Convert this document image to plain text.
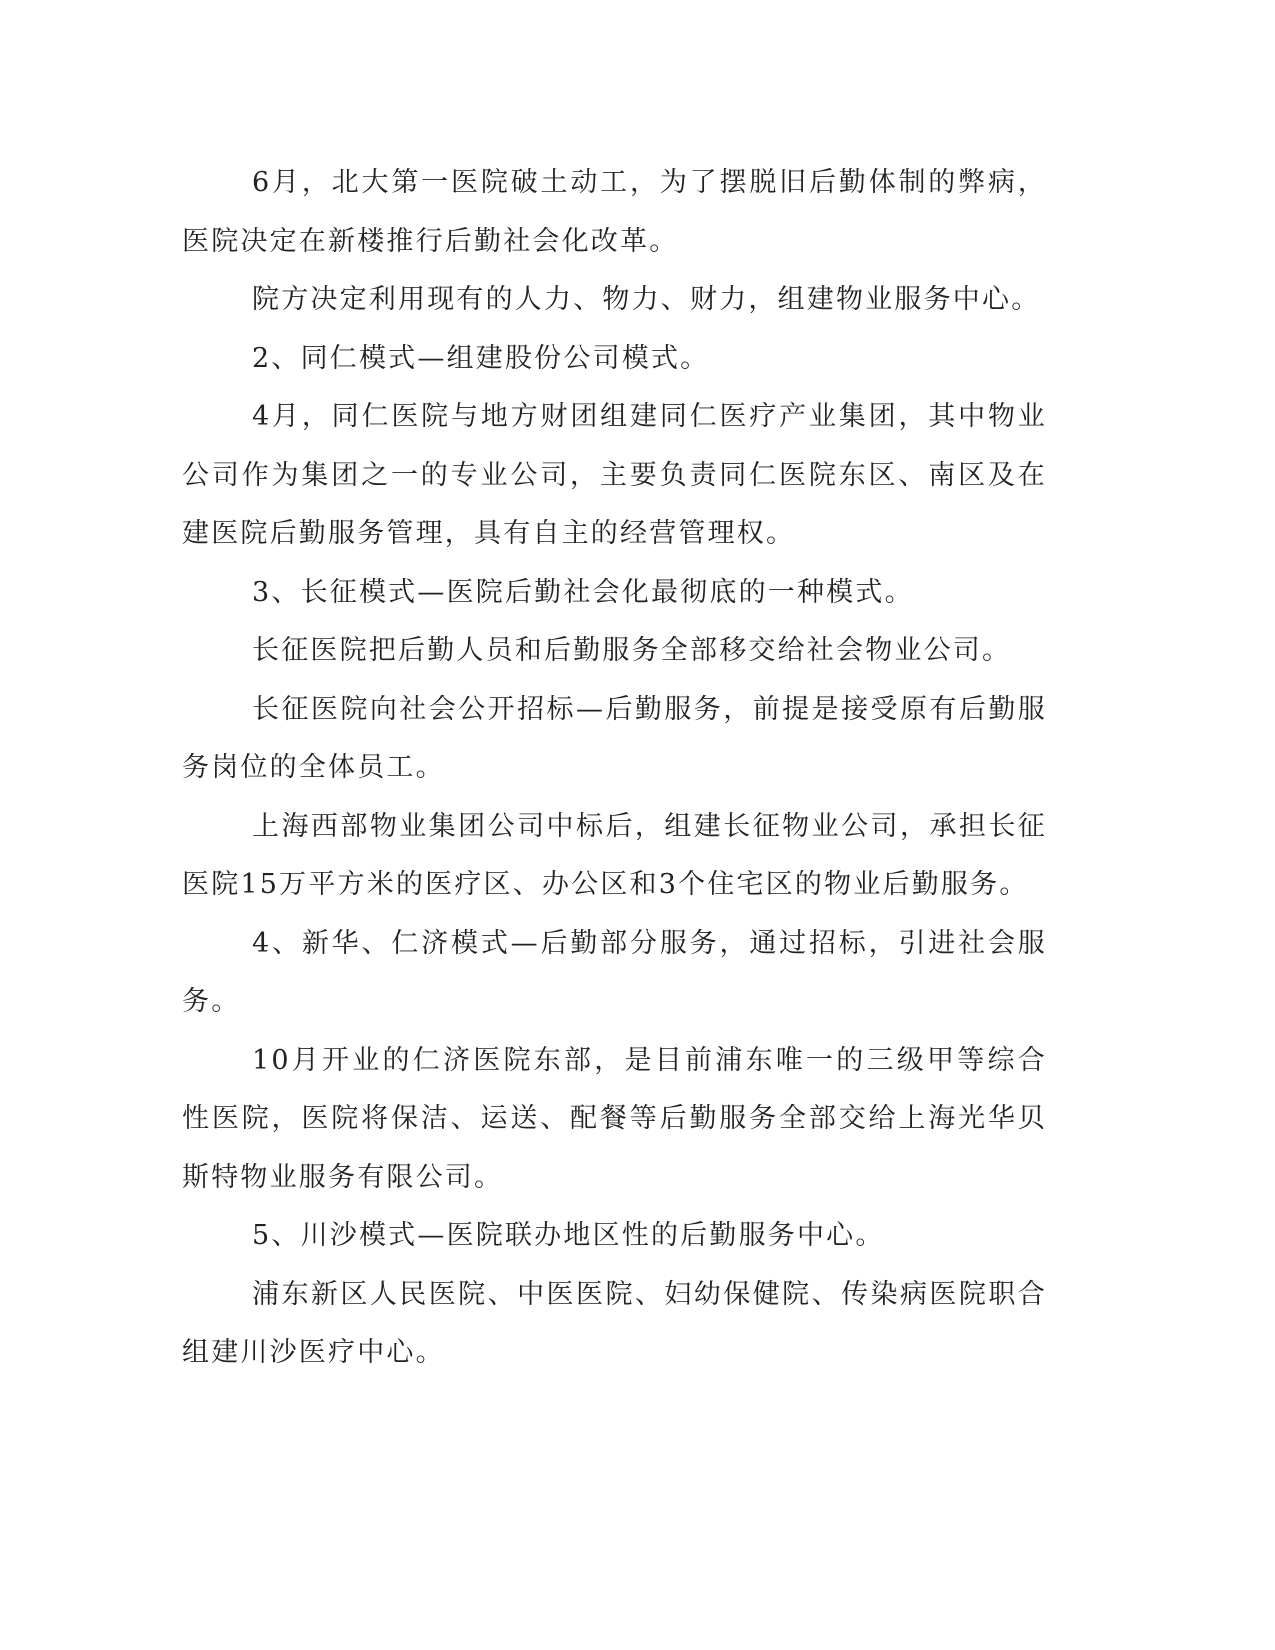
6月，北大第一医院破土动工，为了摆脱旧后勤体制的弊病，医院决定在新楼推行后勤社会化改革。

院方决定利用现有的人力、物力、财力，组建物业服务中心。

2、同仁模式—组建股份公司模式。

4月，同仁医院与地方财团组建同仁医疗产业集团，其中物业公司作为集团之一的专业公司，主要负责同仁医院东区、南区及在建医院后勤服务管理，具有自主的经营管理权。

3、长征模式—医院后勤社会化最彻底的一种模式。

长征医院把后勤人员和后勤服务全部移交给社会物业公司。

长征医院向社会公开招标—后勤服务，前提是接受原有后勤服务岗位的全体员工。

上海西部物业集团公司中标后，组建长征物业公司，承担长征医院15万平方米的医疗区、办公区和3个住宅区的物业后勤服务。

4、新华、仁济模式—后勤部分服务，通过招标，引进社会服务。

10月开业的仁济医院东部，是目前浦东唯一的三级甲等综合性医院，医院将保洁、运送、配餐等后勤服务全部交给上海光华贝斯特物业服务有限公司。

5、川沙模式—医院联办地区性的后勤服务中心。

浦东新区人民医院、中医医院、妇幼保健院、传染病医院职合组建川沙医疗中心。
